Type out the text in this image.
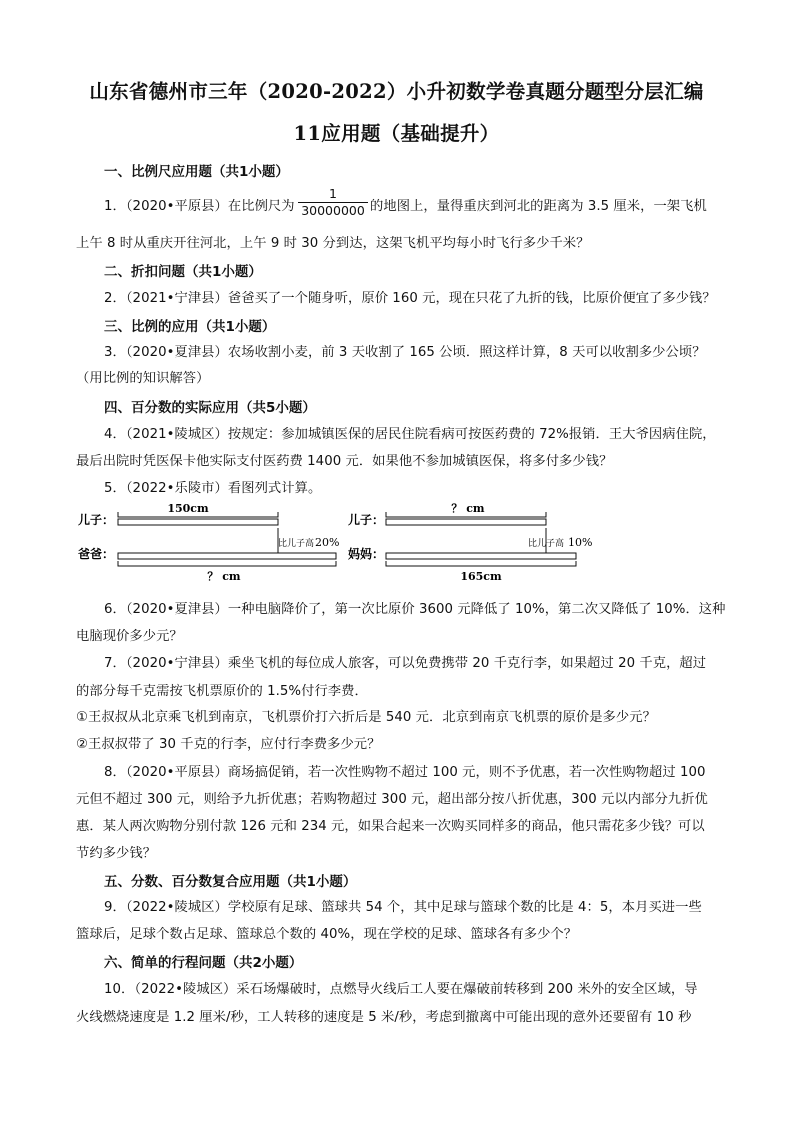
山东省德州市三年（2020-2022）小升初数学卷真题分题型分层汇编
11应用题（基础提升）
一、比例尺应用题（共1小题）
1．（2020•平原县）在比例尺为 $\frac{1}{30000000}$ 的地图上，量得重庆到河北的距离为 3.5 厘米，一架飞机
上午 8 时从重庆开往河北，上午 9 时 30 分到达，这架飞机平均每小时飞行多少千米？
二、折扣问题（共1小题）
2．（2021•宁津县）爸爸买了一个随身听，原价 160 元，现在只花了九折的钱，比原价便宜了多少钱？
三、比例的应用（共1小题）
3．（2020•夏津县）农场收割小麦，前 3 天收割了 165 公顷．照这样计算，8 天可以收割多少公顷？
（用比例的知识解答）
四、百分数的实际应用（共5小题）
4．（2021•陵城区）按规定：参加城镇医保的居民住院看病可按医药费的 72%报销．王大爷因病住院，
最后出院时凭医保卡他实际支付医药费 1400 元．如果他不参加城镇医保，将多付多少钱？
5．（2022•乐陵市）看图列式计算。
儿子：
150cm
爸爸：
比儿子高 20%
？ cm
儿子：
？ cm
妈妈：
比儿子高 10%
165cm
6．（2020•夏津县）一种电脑降价了，第一次比原价 3600 元降低了 10%，第二次又降低了 10%．这种
电脑现价多少元？
7．（2020•宁津县）乘坐飞机的每位成人旅客，可以免费携带 20 千克行李，如果超过 20 千克，超过
的部分每千克需按飞机票原价的 1.5%付行李费．
①王叔叔从北京乘飞机到南京，飞机票价打六折后是 540 元．北京到南京飞机票的原价是多少元？
②王叔叔带了 30 千克的行李，应付行李费多少元？
8．（2020•平原县）商场搞促销，若一次性购物不超过 100 元，则不予优惠，若一次性购物超过 100
元但不超过 300 元，则给予九折优惠；若购物超过 300 元，超出部分按八折优惠，300 元以内部分九折优
惠．某人两次购物分别付款 126 元和 234 元，如果合起来一次购买同样多的商品，他只需花多少钱？可以
节约多少钱？
五、分数、百分数复合应用题（共1小题）
9．（2022•陵城区）学校原有足球、篮球共 54 个，其中足球与篮球个数的比是 4：5，本月买进一些
篮球后，足球个数占足球、篮球总个数的 40%，现在学校的足球、篮球各有多少个？
六、简单的行程问题（共2小题）
10．（2022•陵城区）采石场爆破时，点燃导火线后工人要在爆破前转移到 200 米外的安全区域，导
火线燃烧速度是 1.2 厘米/秒，工人转移的速度是 5 米/秒，考虑到撤离中可能出现的意外还要留有 10 秒
